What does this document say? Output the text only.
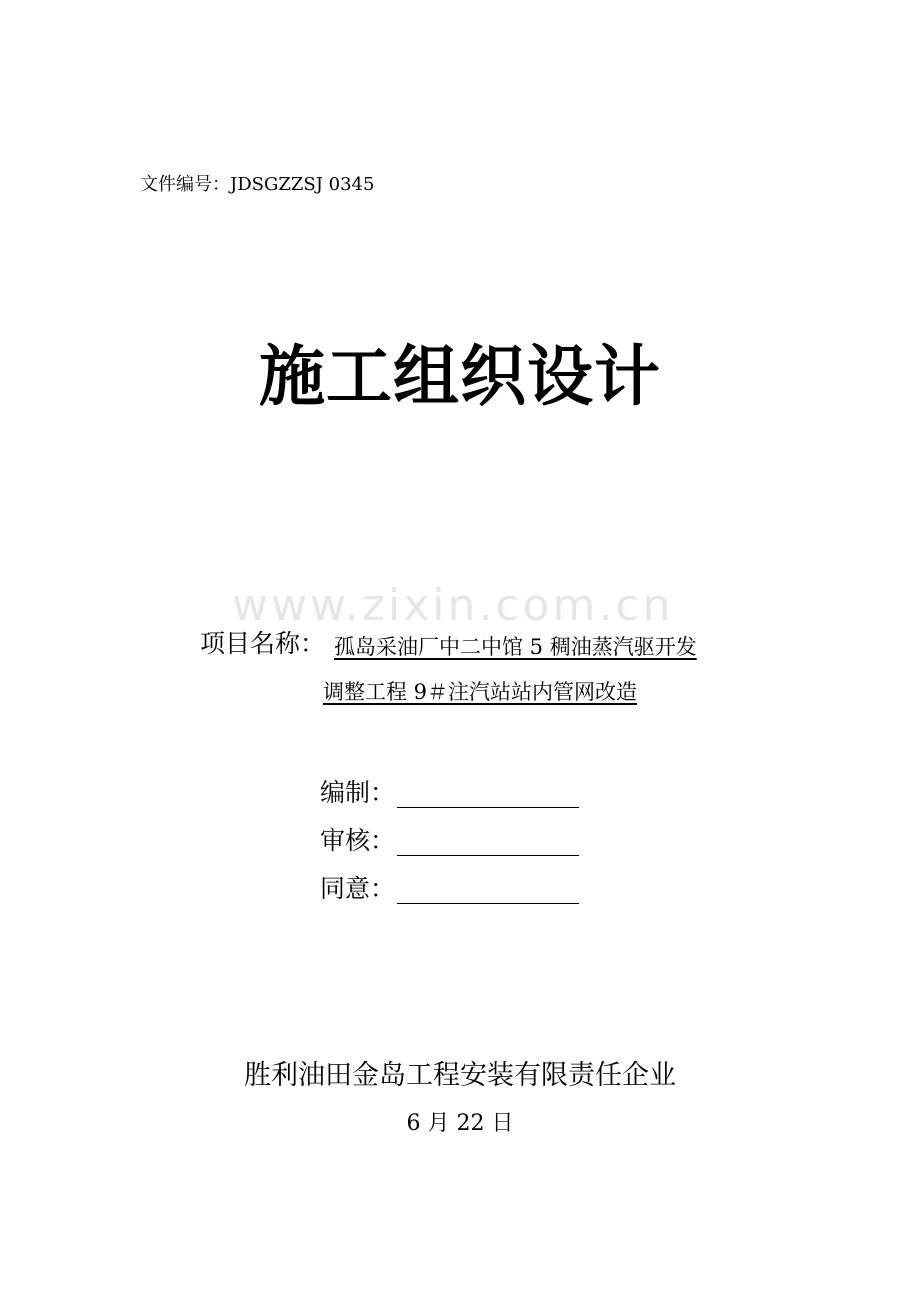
文件编号：JDSGZZSJ 0345
施工组织设计
www.zixin.com.cn
项目名称： 孤岛采油厂中二中馆 5 稠油蒸汽驱开发
调整工程 9＃注汽站站内管网改造
编制：
审核：
同意：
胜利油田金岛工程安装有限责任企业
6 月 22 日
